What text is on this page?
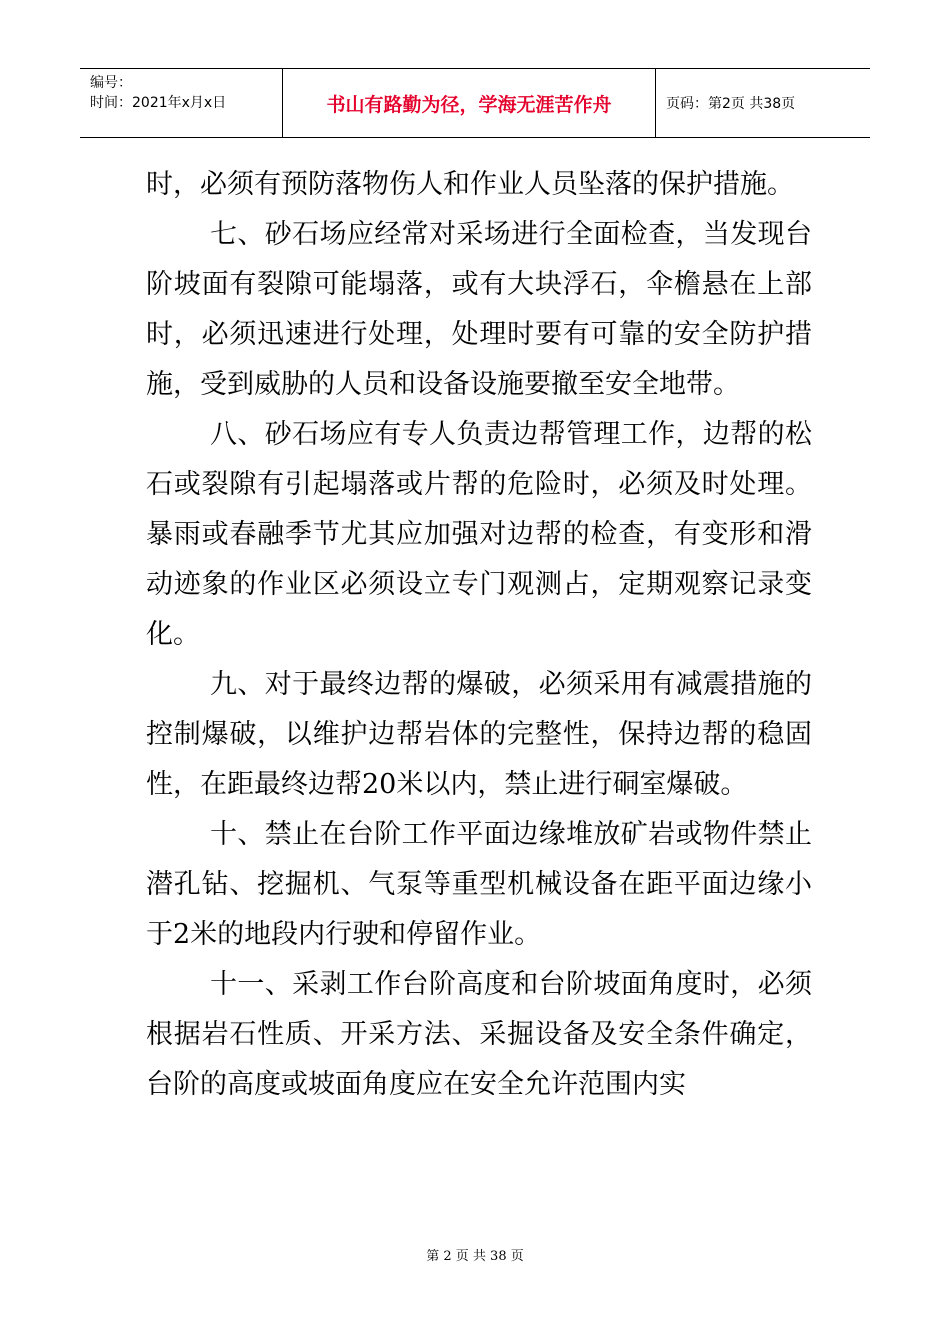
编号：
时间：2021年x月x日	书山有路勤为径，学海无涯苦作舟	页码：第2页 共38页

时，必须有预防落物伤人和作业人员坠落的保护措施。

七、砂石场应经常对采场进行全面检查，当发现台阶坡面有裂隙可能塌落，或有大块浮石，伞檐悬在上部时，必须迅速进行处理，处理时要有可靠的安全防护措施，受到威胁的人员和设备设施要撤至安全地带。

八、砂石场应有专人负责边帮管理工作，边帮的松石或裂隙有引起塌落或片帮的危险时，必须及时处理。暴雨或春融季节尤其应加强对边帮的检查，有变形和滑动迹象的作业区必须设立专门观测占，定期观察记录变化。

九、对于最终边帮的爆破，必须采用有减震措施的控制爆破，以维护边帮岩体的完整性，保持边帮的稳固性，在距最终边帮20米以内，禁止进行硐室爆破。

十、禁止在台阶工作平面边缘堆放矿岩或物件禁止潜孔钻、挖掘机、气泵等重型机械设备在距平面边缘小于2米的地段内行驶和停留作业。

十一、采剥工作台阶高度和台阶坡面角度时，必须根据岩石性质、开采方法、采掘设备及安全条件确定，台阶的高度或坡面角度应在安全允许范围内实

第 2 页 共 38 页
